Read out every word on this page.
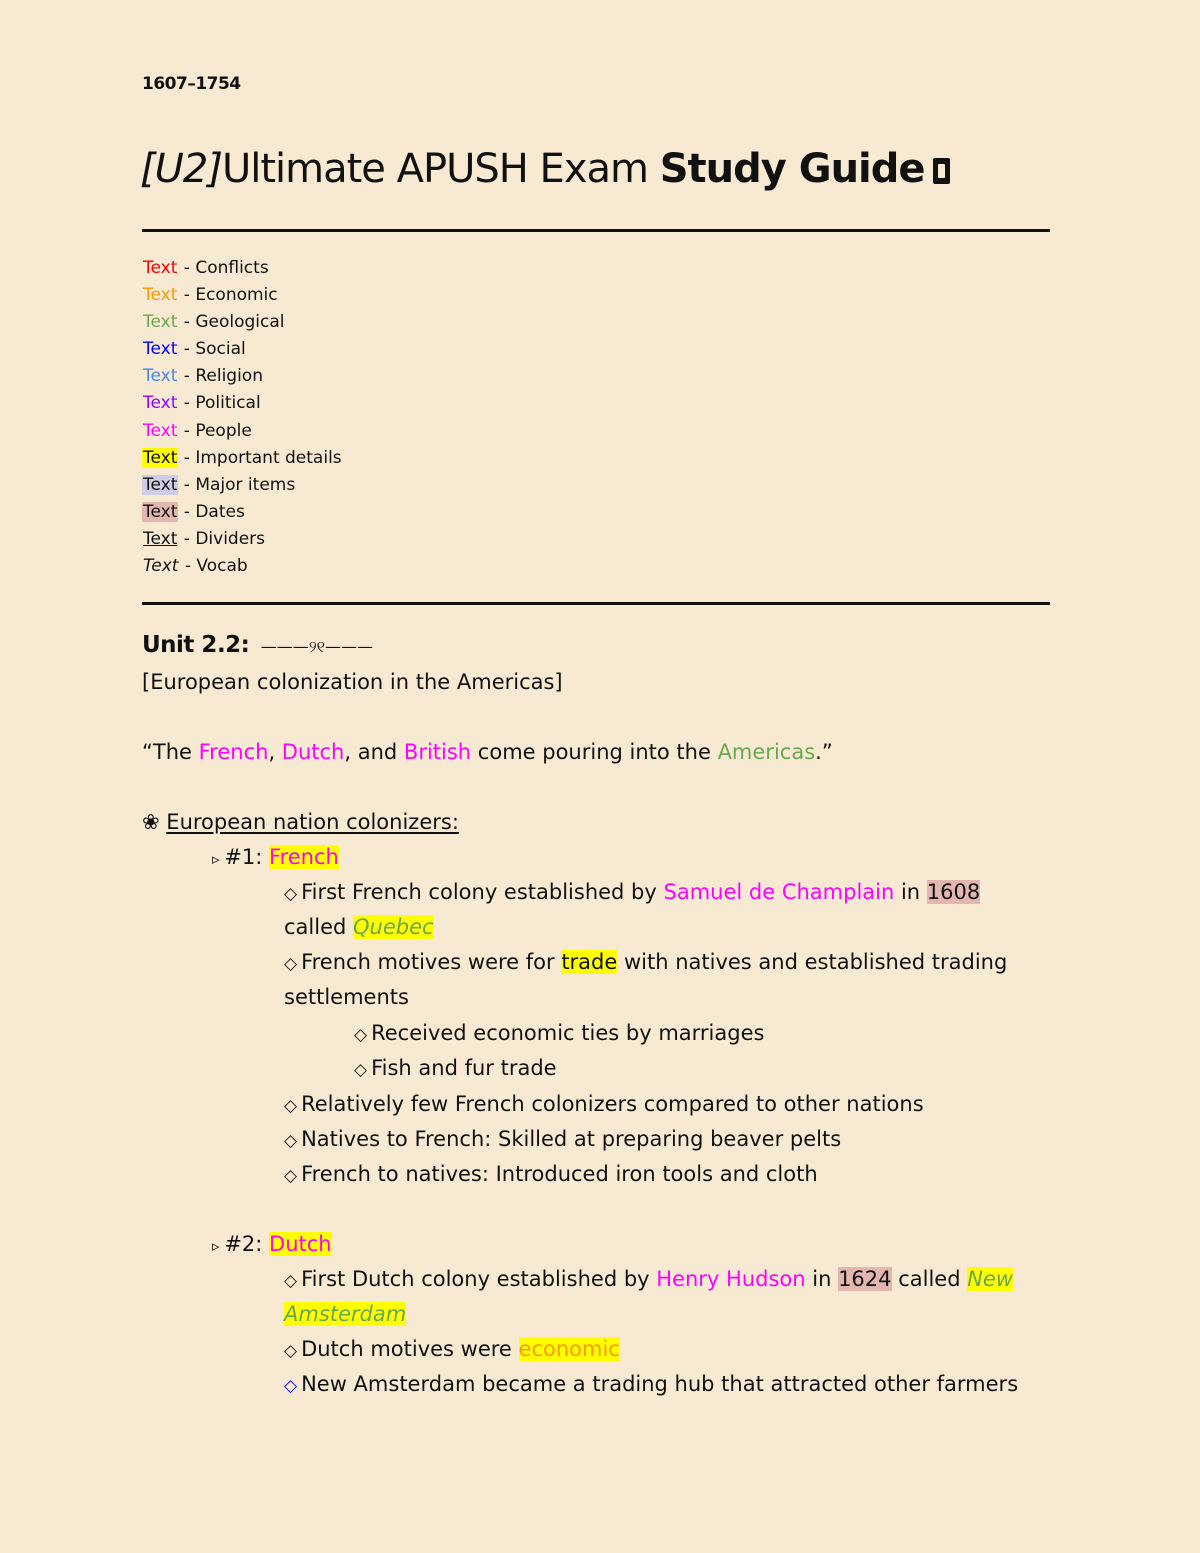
1607–1754
[U2]Ultimate APUSH Exam Study Guide
Text - Conflicts
Text - Economic
Text - Geological
Text - Social
Text - Religion
Text - Political
Text - People
Text - Important details
Text - Major items
Text - Dates
Text - Dividers
Text - Vocab
Unit 2.2: ———୨୧———
[European colonization in the Americas]
“The French, Dutch, and British come pouring into the Americas.”
❀ European nation colonizers:
▹ #1: French
◇ First French colony established by Samuel de Champlain in 1608
called Quebec
◇ French motives were for trade with natives and established trading
settlements
◇ Received economic ties by marriages
◇ Fish and fur trade
◇ Relatively few French colonizers compared to other nations
◇ Natives to French: Skilled at preparing beaver pelts
◇ French to natives: Introduced iron tools and cloth
▹ #2: Dutch
◇ First Dutch colony established by Henry Hudson in 1624 called New
Amsterdam
◇ Dutch motives were economic
◇ New Amsterdam became a trading hub that attracted other farmers
